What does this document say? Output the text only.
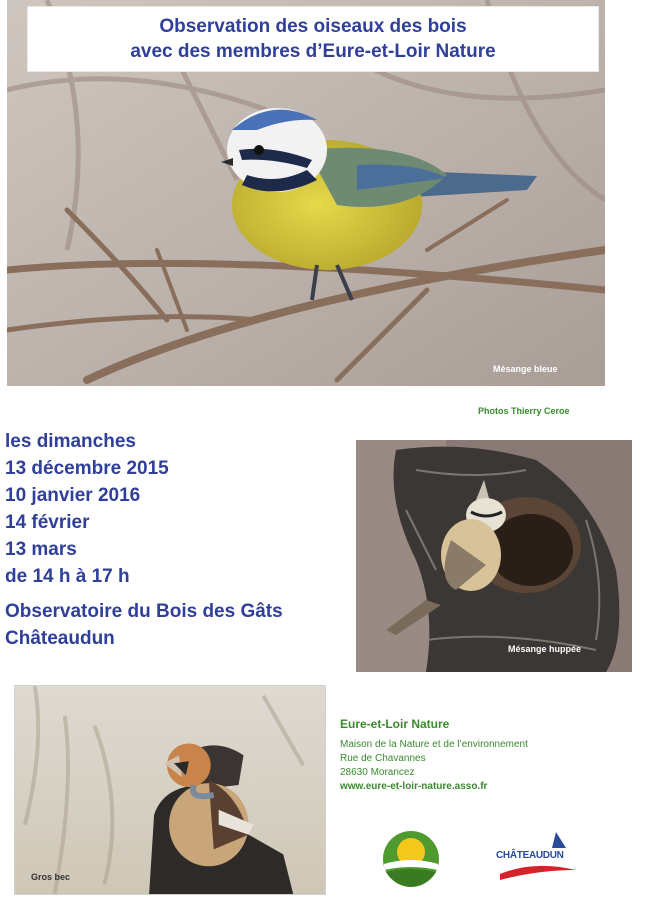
Observation des oiseaux des bois
avec des membres d’Eure-et-Loir Nature
Mésange bleue
Photos Thierry Ceroe
les dimanches
13 décembre 2015
10 janvier 2016
14 février
13 mars
de 14 h à 17 h
Observatoire du Bois des Gâts
Châteaudun	Mésange huppée
Gros bec
Eure-et-Loir Nature
Maison de la Nature et de l’environnement
Rue de Chavannes
28630 Morancez
www.eure-et-loir-nature.asso.fr
CHÂTEAUDUN
